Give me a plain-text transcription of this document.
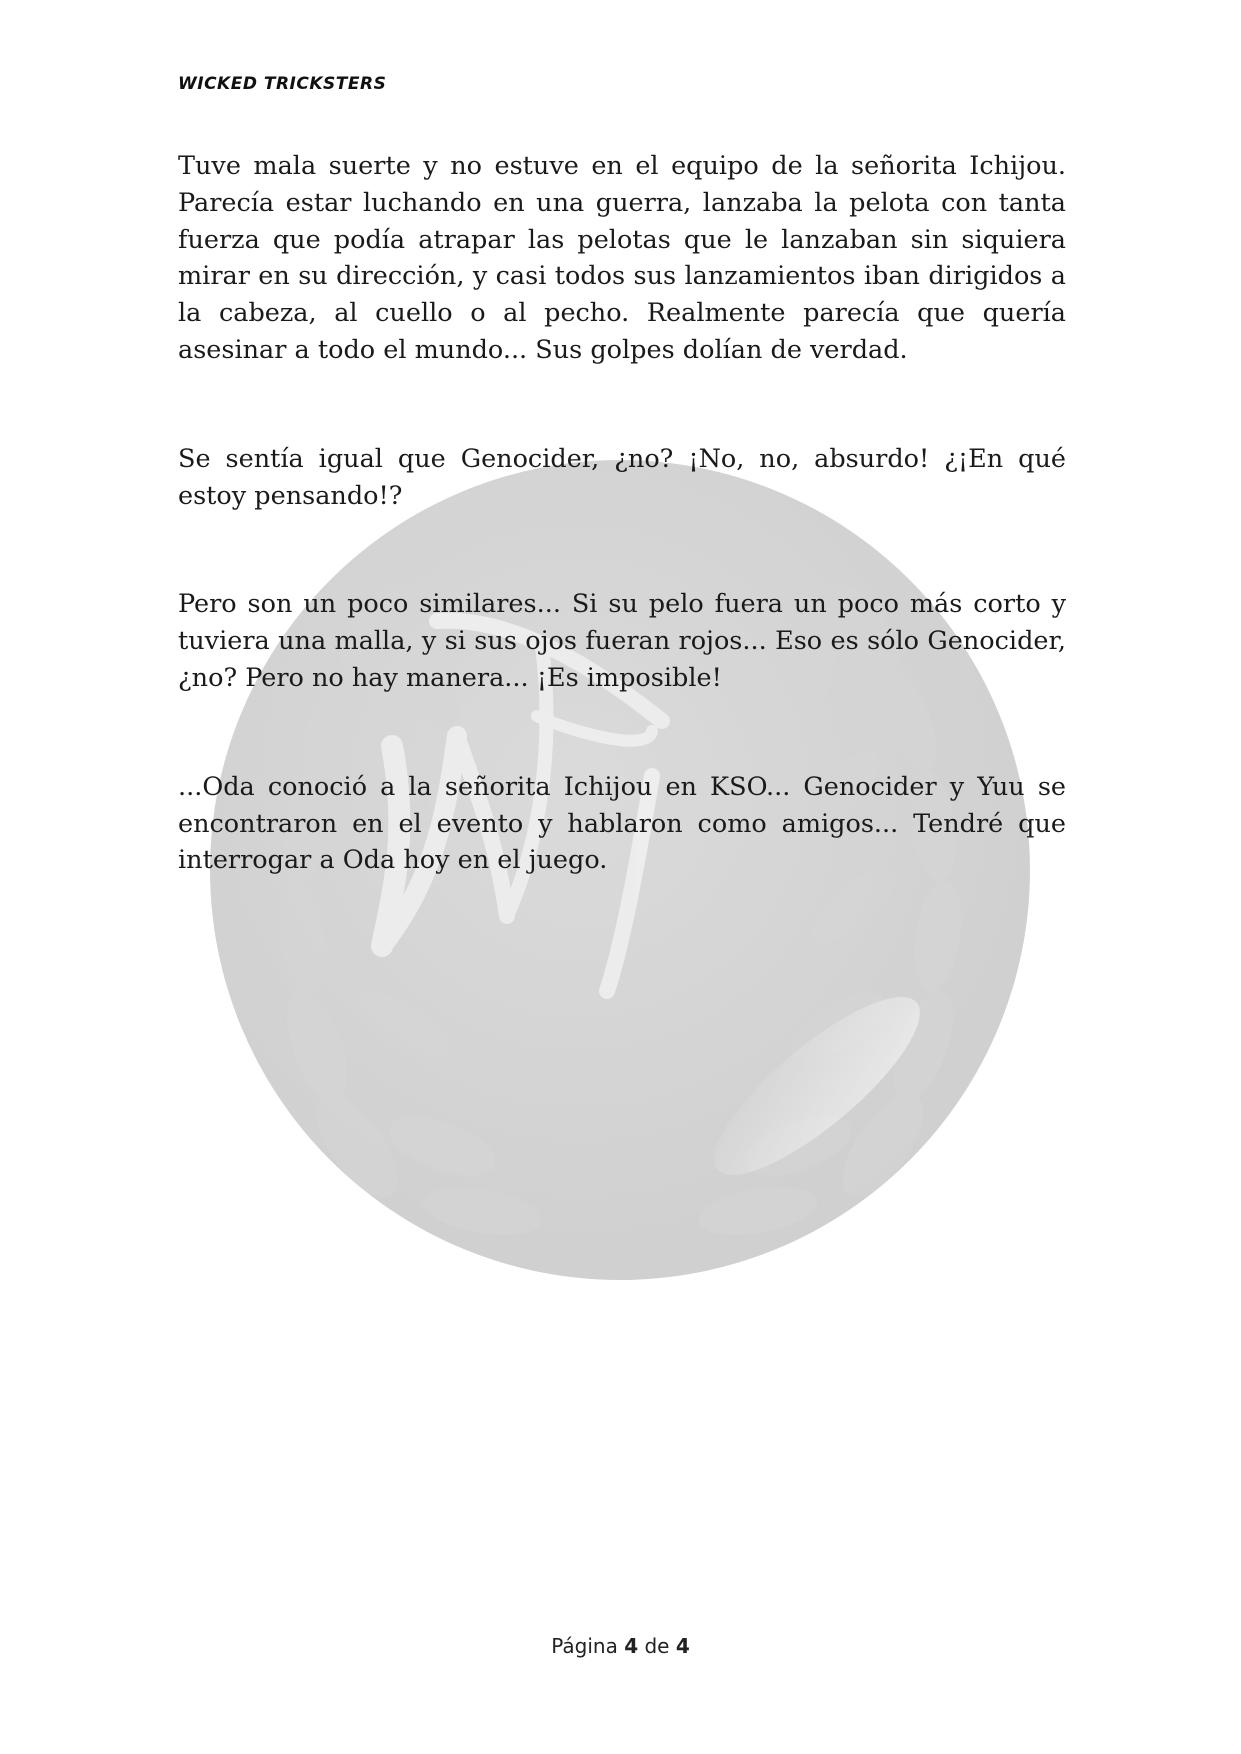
WICKED TRICKSTERS

Tuve mala suerte y no estuve en el equipo de la señorita Ichijou. Parecía estar luchando en una guerra, lanzaba la pelota con tanta fuerza que podía atrapar las pelotas que le lanzaban sin siquiera mirar en su dirección, y casi todos sus lanzamientos iban dirigidos a la cabeza, al cuello o al pecho. Realmente parecía que quería asesinar a todo el mundo... Sus golpes dolían de verdad.

Se sentía igual que Genocider, ¿no? ¡No, no, absurdo! ¿¡En qué estoy pensando!?

Pero son un poco similares... Si su pelo fuera un poco más corto y tuviera una malla, y si sus ojos fueran rojos... Eso es sólo Genocider, ¿no? Pero no hay manera... ¡Es imposible!

...Oda conoció a la señorita Ichijou en KSO... Genocider y Yuu se encontraron en el evento y hablaron como amigos... Tendré que interrogar a Oda hoy en el juego.

Página 4 de 4
